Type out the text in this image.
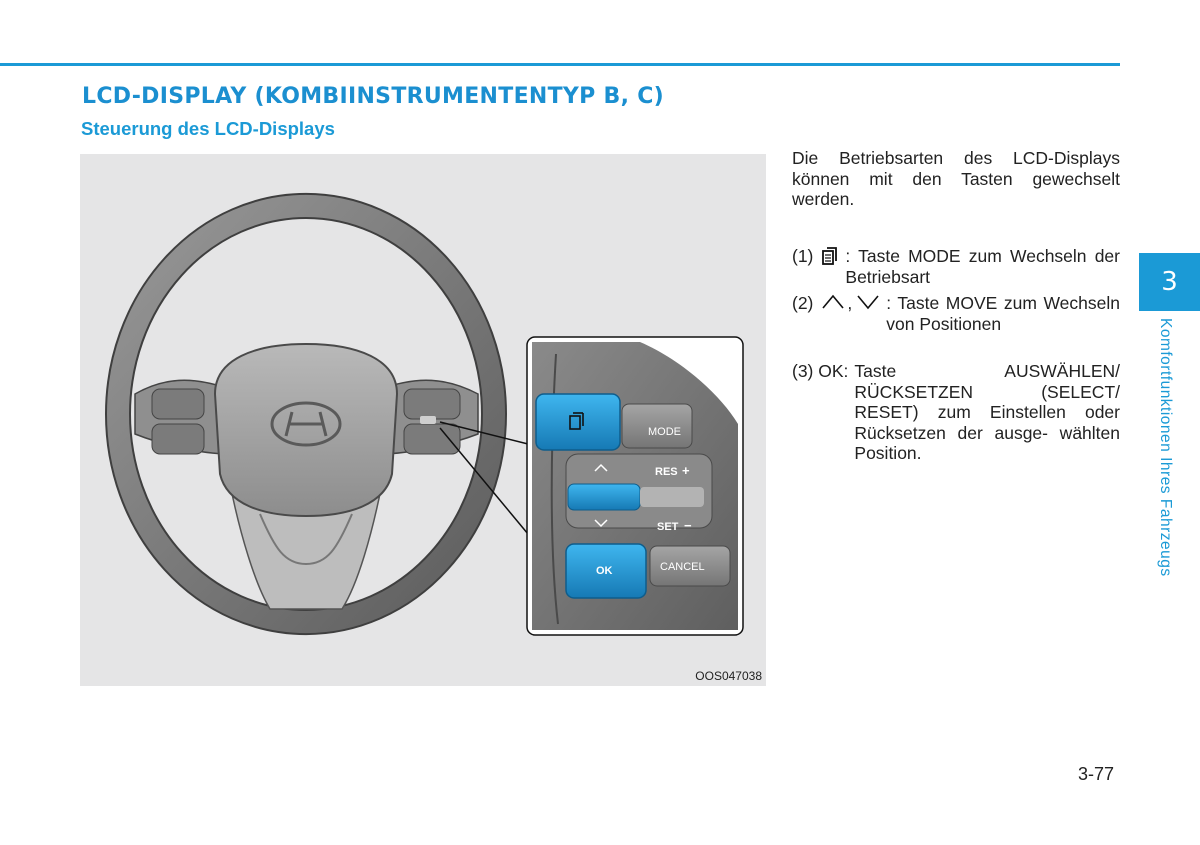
LCD-DISPLAY (KOMBIINSTRUMENTENTYP B, C)
Steuerung des LCD-Displays
MODE
RES +
SET −
OK	CANCEL
OOS047038

Die Betriebsarten des LCD-Displays können mit den Tasten gewechselt werden.

(1) : Taste MODE zum Wechseln der Betriebsart
(2) , : Taste MOVE zum Wechseln von Positionen
(3) OK: Taste AUSWÄHLEN/ RÜCKSETZEN (SELECT/ RESET) zum Einstellen oder Rücksetzen der ausge- wählten Position.
3
Komfortfunktionen Ihres Fahrzeugs
3-77
